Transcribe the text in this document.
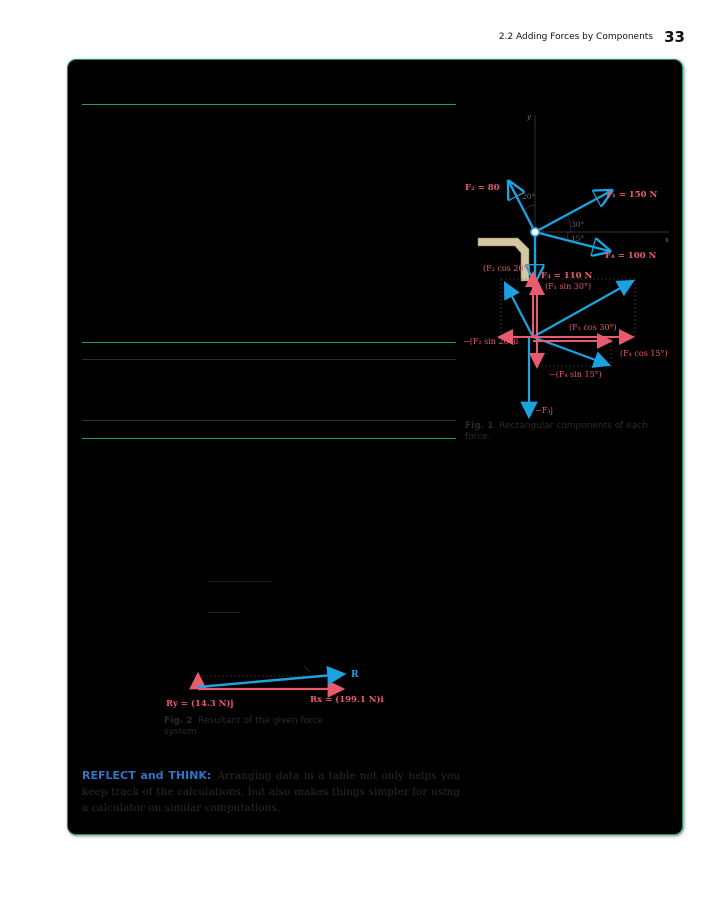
2.2 Adding Forces by Components 33
y
x
20°
30°
15°
F₂ = 80
F₁ = 150 N
F₄ = 100 N
F₃ = 110 N
(F₂ cos 20°)
(F₁ sin 30°)
(F₁ cos 30°)
−(F₂ sin 20°)i
(F₄ cos 15°)
−(F₄ sin 15°)
−F₃j
Fig. 1 Rectangular components of each force.
R
Ry = (14.3 N)j	Rx = (199.1 N)i
Fig. 2 Resultant of the given force system.
REFLECT and THINK: Arranging data in a table not only helps you keep track of the calculations, but also makes things simpler for using a calculator on similar computations.
